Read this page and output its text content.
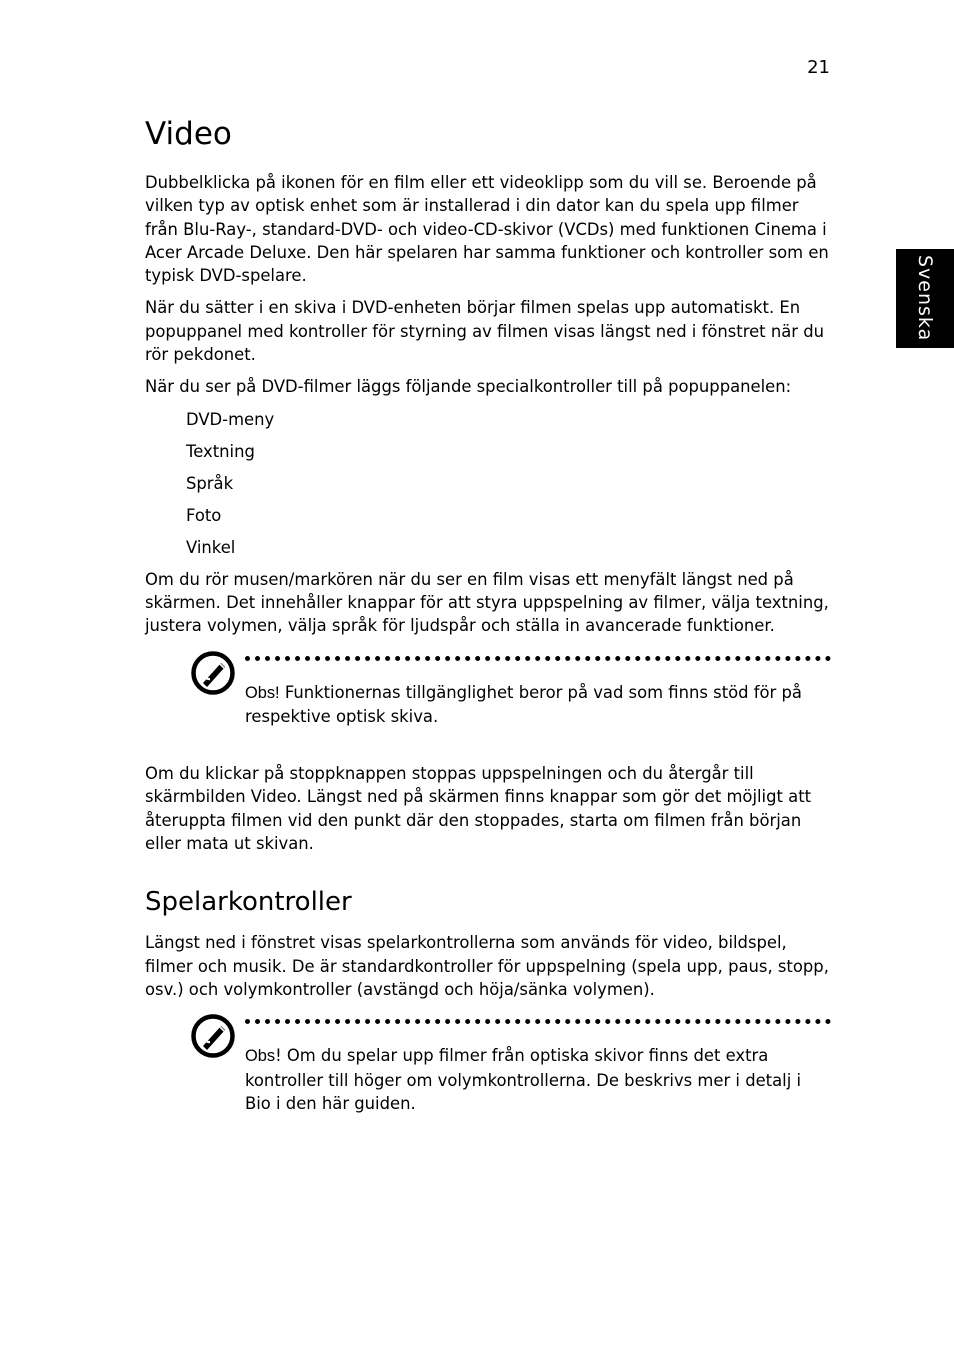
21
Svenska
Video

Dubbelklicka på ikonen för en film eller ett videoklipp som du vill se. Beroende på vilken typ av optisk enhet som är installerad i din dator kan du spela upp filmer från Blu-Ray-, standard-DVD- och video-CD-skivor (VCDs) med funktionen Cinema i Acer Arcade Deluxe. Den här spelaren har samma funktioner och kontroller som en typisk DVD-spelare.

När du sätter i en skiva i DVD-enheten börjar filmen spelas upp automatiskt. En popuppanel med kontroller för styrning av filmen visas längst ned i fönstret när du rör pekdonet.

När du ser på DVD-filmer läggs följande specialkontroller till på popuppanelen:

DVD-meny
Textning
Språk
Foto
Vinkel

Om du rör musen/markören när du ser en film visas ett menyfält längst ned på skärmen. Det innehåller knappar för att styra uppspelning av filmer, välja textning, justera volymen, välja språk för ljudspår och ställa in avancerade funktioner.

Obs! Funktionernas tillgänglighet beror på vad som finns stöd för på respektive optisk skiva.

Om du klickar på stoppknappen stoppas uppspelningen och du återgår till skärmbilden Video. Längst ned på skärmen finns knappar som gör det möjligt att återuppta filmen vid den punkt där den stoppades, starta om filmen från början eller mata ut skivan.

Spelarkontroller

Längst ned i fönstret visas spelarkontrollerna som används för video, bildspel, filmer och musik. De är standardkontroller för uppspelning (spela upp, paus, stopp, osv.) och volymkontroller (avstängd och höja/sänka volymen).

Obs! Om du spelar upp filmer från optiska skivor finns det extra kontroller till höger om volymkontrollerna. De beskrivs mer i detalj i Bio i den här guiden.
